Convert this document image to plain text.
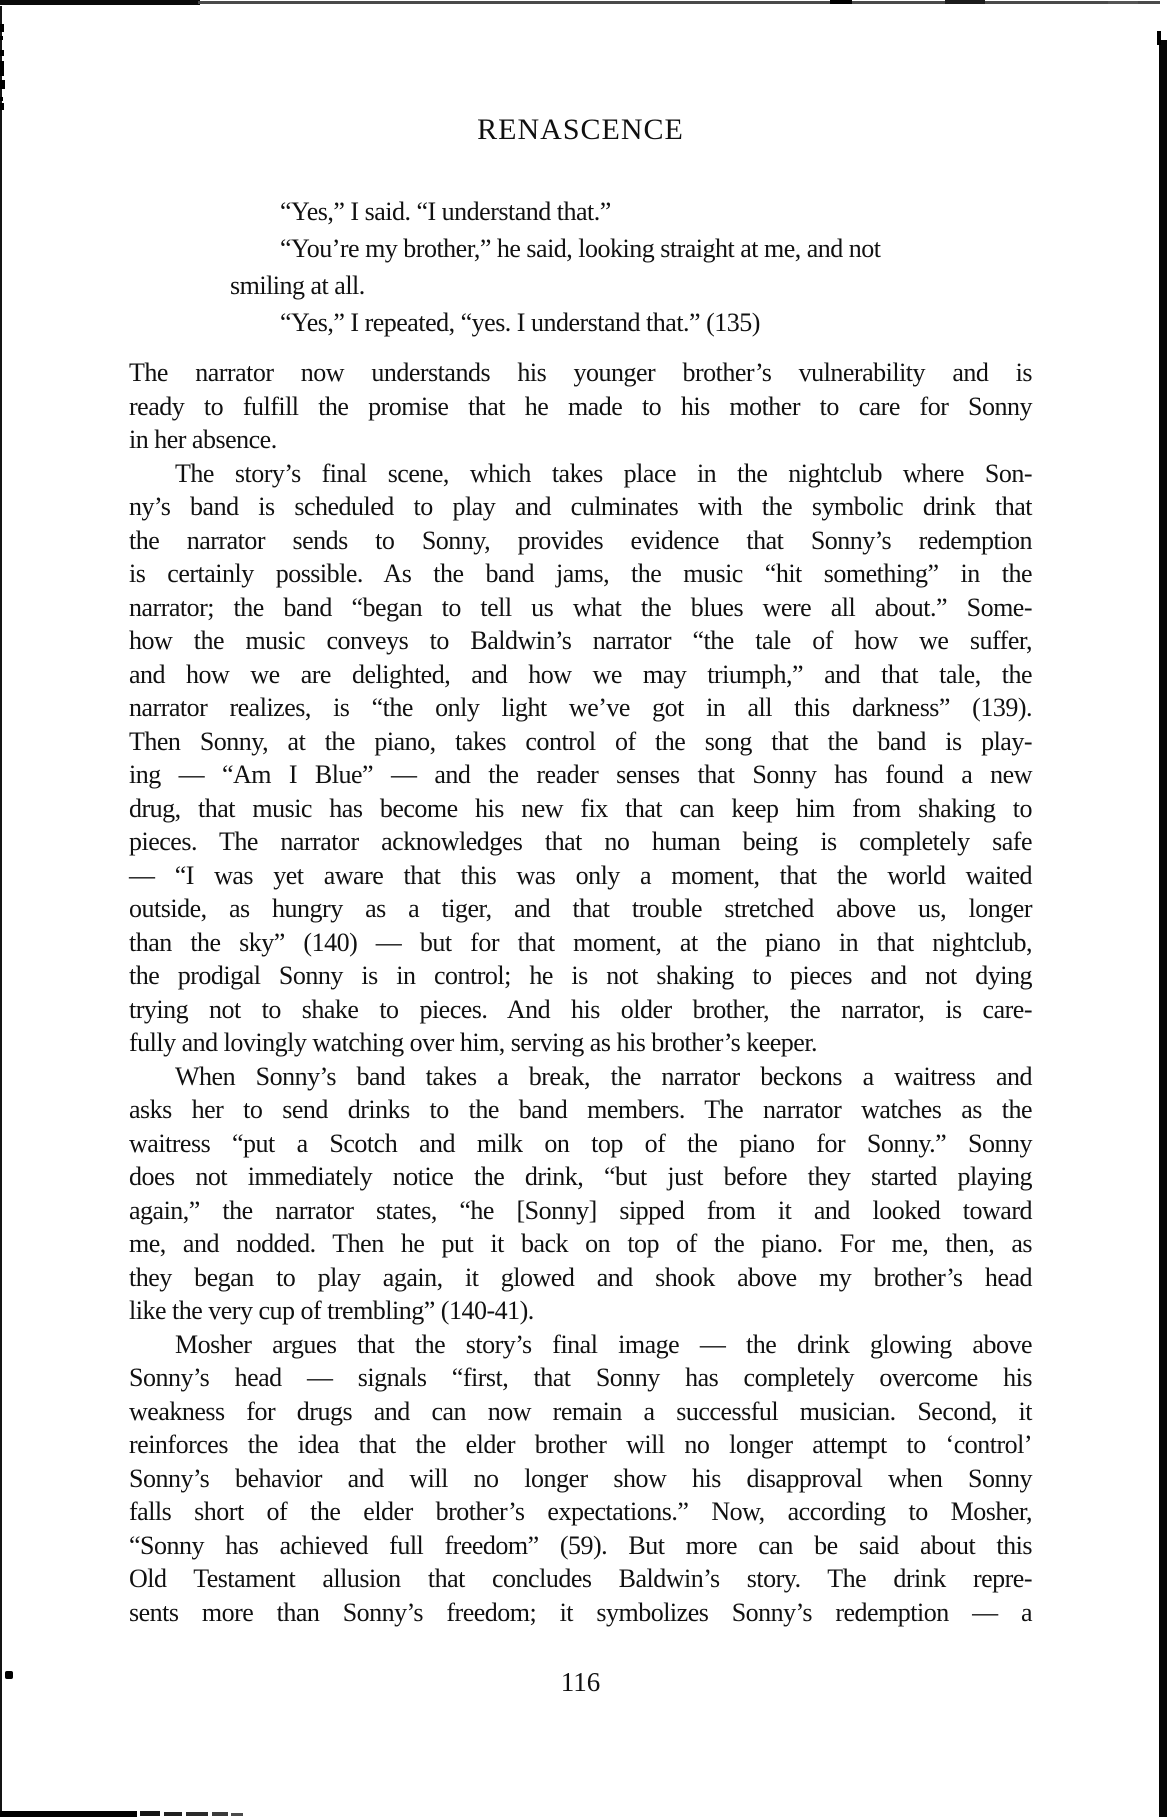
RENASCENCE
“Yes,” I said. “I understand that.”
“You’re my brother,” he said, looking straight at me, and not
smiling at all.
“Yes,” I repeated, “yes. I understand that.” (135)
The narrator now understands his younger brother’s vulnerability and is
ready to fulfill the promise that he made to his mother to care for Sonny
in her absence.
The story’s final scene, which takes place in the nightclub where Son-
ny’s band is scheduled to play and culminates with the symbolic drink that
the narrator sends to Sonny, provides evidence that Sonny’s redemption
is certainly possible. As the band jams, the music “hit something” in the
narrator; the band “began to tell us what the blues were all about.” Some-
how the music conveys to Baldwin’s narrator “the tale of how we suffer,
and how we are delighted, and how we may triumph,” and that tale, the
narrator realizes, is “the only light we’ve got in all this darkness” (139).
Then Sonny, at the piano, takes control of the song that the band is play-
ing — “Am I Blue” — and the reader senses that Sonny has found a new
drug, that music has become his new fix that can keep him from shaking to
pieces. The narrator acknowledges that no human being is completely safe
— “I was yet aware that this was only a moment, that the world waited
outside, as hungry as a tiger, and that trouble stretched above us, longer
than the sky” (140) — but for that moment, at the piano in that nightclub,
the prodigal Sonny is in control; he is not shaking to pieces and not dying
trying not to shake to pieces. And his older brother, the narrator, is care-
fully and lovingly watching over him, serving as his brother’s keeper.
When Sonny’s band takes a break, the narrator beckons a waitress and
asks her to send drinks to the band members. The narrator watches as the
waitress “put a Scotch and milk on top of the piano for Sonny.” Sonny
does not immediately notice the drink, “but just before they started playing
again,” the narrator states, “he [Sonny] sipped from it and looked toward
me, and nodded. Then he put it back on top of the piano. For me, then, as
they began to play again, it glowed and shook above my brother’s head
like the very cup of trembling” (140-41).
Mosher argues that the story’s final image — the drink glowing above
Sonny’s head — signals “first, that Sonny has completely overcome his
weakness for drugs and can now remain a successful musician. Second, it
reinforces the idea that the elder brother will no longer attempt to ‘control’
Sonny’s behavior and will no longer show his disapproval when Sonny
falls short of the elder brother’s expectations.” Now, according to Mosher,
“Sonny has achieved full freedom” (59). But more can be said about this
Old Testament allusion that concludes Baldwin’s story. The drink repre-
sents more than Sonny’s freedom; it symbolizes Sonny’s redemption — a
116
